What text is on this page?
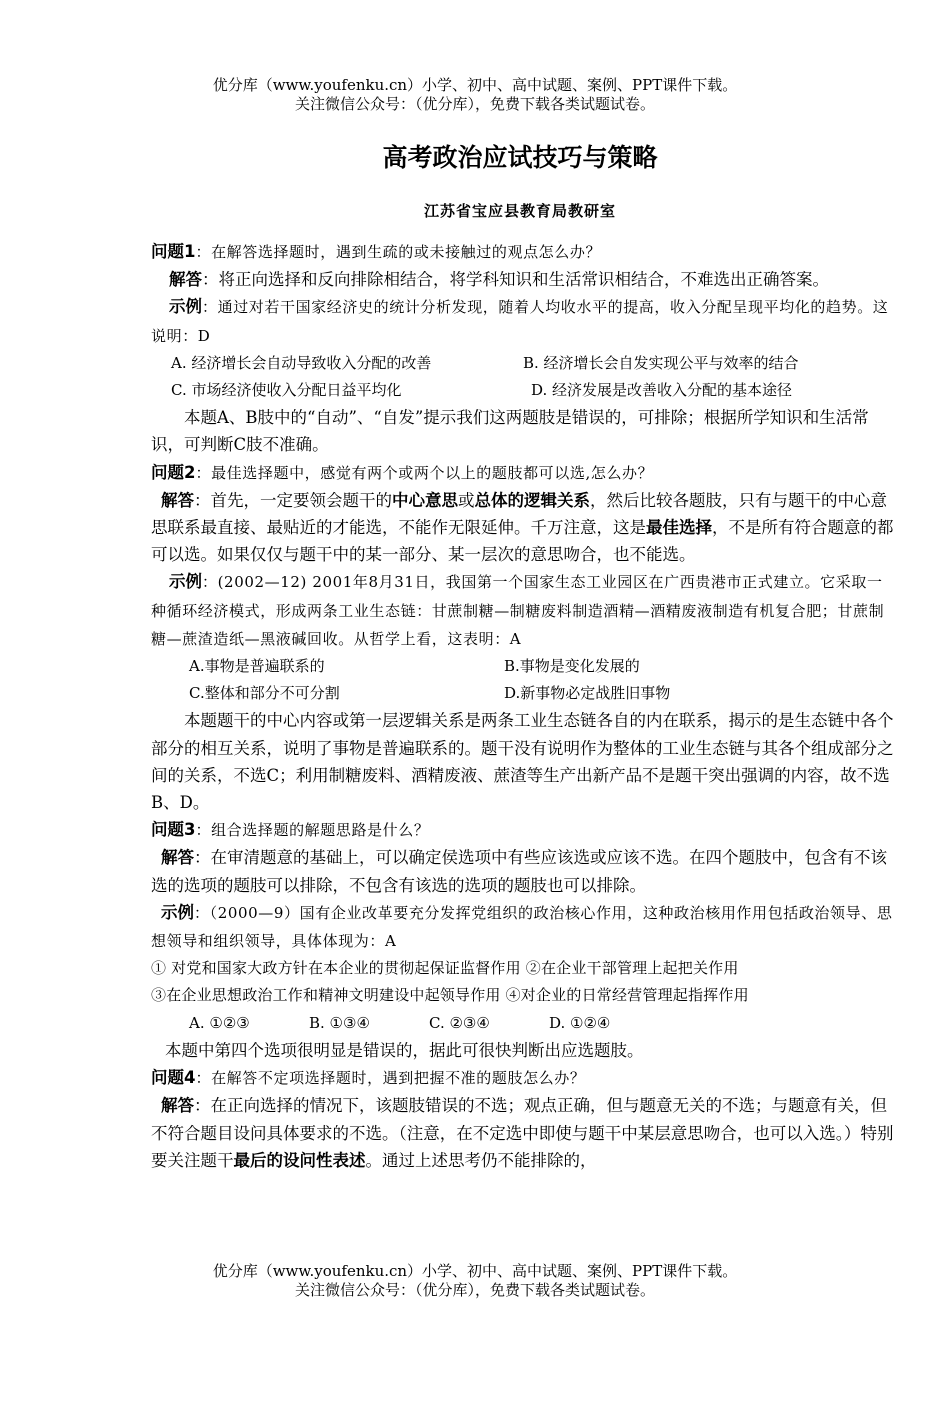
优分库（www.youfenku.cn）小学、初中、高中试题、案例、PPT课件下载。
关注微信公众号：（优分库），免费下载各类试题试卷。
高考政治应试技巧与策略
江苏省宝应县教育局教研室

问题1：在解答选择题时，遇到生疏的或未接触过的观点怎么办？

解答：将正向选择和反向排除相结合，将学科知识和生活常识相结合，不难选出正确答案。

示例：通过对若干国家经济史的统计分析发现，随着人均收水平的提高，收入分配呈现平均化的趋势。这说明：D

A. 经济增长会自动导致收入分配的改善	B. 经济增长会自发实现公平与效率的结合
C. 市场经济使收入分配日益平均化	D. 经济发展是改善收入分配的基本途径

本题A、B肢中的“自动”、“自发”提示我们这两题肢是错误的，可排除；根据所学知识和生活常识，可判断C肢不准确。

问题2：最佳选择题中，感觉有两个或两个以上的题肢都可以选,怎么办？

解答：首先，一定要领会题干的中心意思或总体的逻辑关系，然后比较各题肢，只有与题干的中心意思联系最直接、最贴近的才能选，不能作无限延伸。千万注意，这是最佳选择，不是所有符合题意的都可以选。如果仅仅与题干中的某一部分、某一层次的意思吻合，也不能选。

示例：(2002—12) 2001年8月31日，我国第一个国家生态工业园区在广西贵港市正式建立。它采取一种循环经济模式，形成两条工业生态链：甘蔗制糖—制糖废料制造酒精—酒精废液制造有机复合肥；甘蔗制糖—蔗渣造纸—黑液碱回收。从哲学上看，这表明：A

A.事物是普遍联系的	B.事物是变化发展的
C.整体和部分不可分割	D.新事物必定战胜旧事物

本题题干的中心内容或第一层逻辑关系是两条工业生态链各自的内在联系，揭示的是生态链中各个部分的相互关系，说明了事物是普遍联系的。题干没有说明作为整体的工业生态链与其各个组成部分之间的关系，不选C；利用制糖废料、酒精废液、蔗渣等生产出新产品不是题干突出强调的内容，故不选B、D。

问题3：组合选择题的解题思路是什么？

解答：在审清题意的基础上，可以确定侯选项中有些应该选或应该不选。在四个题肢中，包含有不该选的选项的题肢可以排除，不包含有该选的选项的题肢也可以排除。

示例：（2000—9）国有企业改革要充分发挥党组织的政治核心作用，这种政治核用作用包括政治领导、思想领导和组织领导，具体体现为：A

① 对党和国家大政方针在本企业的贯彻起保证监督作用 ②在企业干部管理上起把关作用

③在企业思想政治工作和精神文明建设中起领导作用 ④对企业的日常经营管理起指挥作用

A. ①②③	B. ①③④	C. ②③④	D. ①②④

本题中第四个选项很明显是错误的，据此可很快判断出应选题肢。

问题4：在解答不定项选择题时，遇到把握不准的题肢怎么办？

解答：在正向选择的情况下，该题肢错误的不选；观点正确，但与题意无关的不选；与题意有关，但不符合题目设问具体要求的不选。（注意，在不定选中即使与题干中某层意思吻合，也可以入选。）特别要关注题干最后的设问性表述。通过上述思考仍不能排除的，

优分库（www.youfenku.cn）小学、初中、高中试题、案例、PPT课件下载。
关注微信公众号：（优分库），免费下载各类试题试卷。
